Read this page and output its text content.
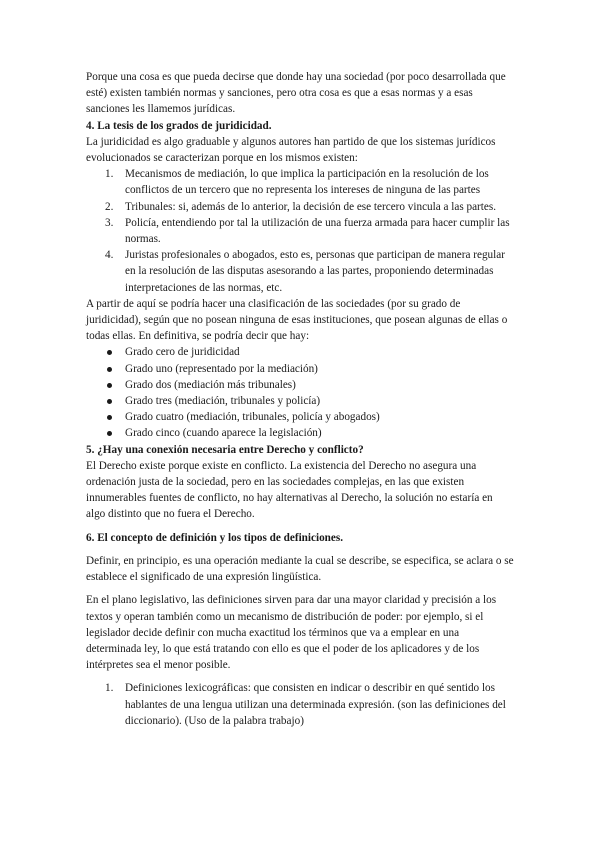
Porque una cosa es que pueda decirse que donde hay una sociedad (por poco desarrollada que esté) existen también normas y sanciones, pero otra cosa es que a esas normas y a esas sanciones les llamemos jurídicas.

4. La tesis de los grados de juridicidad.

La juridicidad es algo graduable y algunos autores han partido de que los sistemas jurídicos evolucionados se caracterizan porque en los mismos existen:

1. Mecanismos de mediación, lo que implica la participación en la resolución de los conflictos de un tercero que no representa los intereses de ninguna de las partes
2. Tribunales: si, además de lo anterior, la decisión de ese tercero vincula a las partes.
3. Policía, entendiendo por tal la utilización de una fuerza armada para hacer cumplir las normas.
4. Juristas profesionales o abogados, esto es, personas que participan de manera regular en la resolución de las disputas asesorando a las partes, proponiendo determinadas interpretaciones de las normas, etc.

A partir de aquí se podría hacer una clasificación de las sociedades (por su grado de juridicidad), según que no posean ninguna de esas instituciones, que posean algunas de ellas o todas ellas. En definitiva, se podría decir que hay:

Grado cero de juridicidad
Grado uno (representado por la mediación)
Grado dos (mediación más tribunales)
Grado tres (mediación, tribunales y policía)
Grado cuatro (mediación, tribunales, policía y abogados)
Grado cinco (cuando aparece la legislación)
5. ¿Hay una conexión necesaria entre Derecho y conflicto?

El Derecho existe porque existe en conflicto. La existencia del Derecho no asegura una ordenación justa de la sociedad, pero en las sociedades complejas, en las que existen innumerables fuentes de conflicto, no hay alternativas al Derecho, la solución no estaría en algo distinto que no fuera el Derecho.

6. El concepto de definición y los tipos de definiciones.

Definir, en principio, es una operación mediante la cual se describe, se especifica, se aclara o se establece el significado de una expresión lingüística.

En el plano legislativo, las definiciones sirven para dar una mayor claridad y precisión a los textos y operan también como un mecanismo de distribución de poder: por ejemplo, si el legislador decide definir con mucha exactitud los términos que va a emplear en una determinada ley, lo que está tratando con ello es que el poder de los aplicadores y de los intérpretes sea el menor posible.

1. Definiciones lexicográficas: que consisten en indicar o describir en qué sentido los hablantes de una lengua utilizan una determinada expresión. (son las definiciones del diccionario). (Uso de la palabra trabajo)
